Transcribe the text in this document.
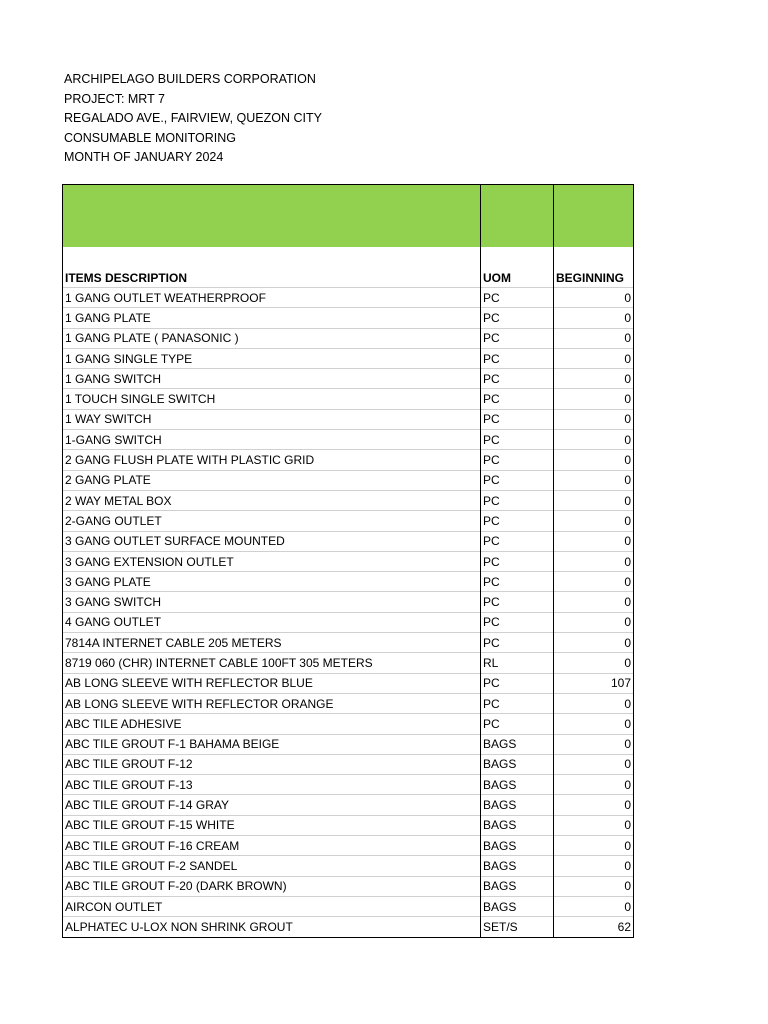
ARCHIPELAGO BUILDERS CORPORATION
PROJECT: MRT 7
REGALADO AVE., FAIRVIEW, QUEZON CITY
CONSUMABLE MONITORING
MONTH OF JANUARY 2024

ITEMS DESCRIPTION	UOM	BEGINNING
1 GANG OUTLET WEATHERPROOF	PC	0
1 GANG PLATE	PC	0
1 GANG PLATE ( PANASONIC )	PC	0
1 GANG SINGLE TYPE	PC	0
1 GANG SWITCH	PC	0
1 TOUCH SINGLE SWITCH	PC	0
1 WAY SWITCH	PC	0
1-GANG SWITCH	PC	0
2 GANG FLUSH PLATE WITH PLASTIC GRID	PC	0
2 GANG PLATE	PC	0
2 WAY METAL BOX	PC	0
2-GANG OUTLET	PC	0
3 GANG OUTLET SURFACE MOUNTED	PC	0
3 GANG EXTENSION OUTLET	PC	0
3 GANG PLATE	PC	0
3 GANG SWITCH	PC	0
4 GANG OUTLET	PC	0
7814A INTERNET CABLE 205 METERS	PC	0
8719 060 (CHR) INTERNET CABLE 100FT 305 METERS	RL	0
AB LONG SLEEVE WITH REFLECTOR BLUE	PC	107
AB LONG SLEEVE WITH REFLECTOR ORANGE	PC	0
ABC TILE ADHESIVE	PC	0
ABC TILE GROUT F-1 BAHAMA BEIGE	BAGS	0
ABC TILE GROUT F-12	BAGS	0
ABC TILE GROUT F-13	BAGS	0
ABC TILE GROUT F-14 GRAY	BAGS	0
ABC TILE GROUT F-15 WHITE	BAGS	0
ABC TILE GROUT F-16 CREAM	BAGS	0
ABC TILE GROUT F-2 SANDEL	BAGS	0
ABC TILE GROUT F-20 (DARK BROWN)	BAGS	0
AIRCON OUTLET	BAGS	0
ALPHATEC U-LOX NON SHRINK GROUT	SET/S	62
